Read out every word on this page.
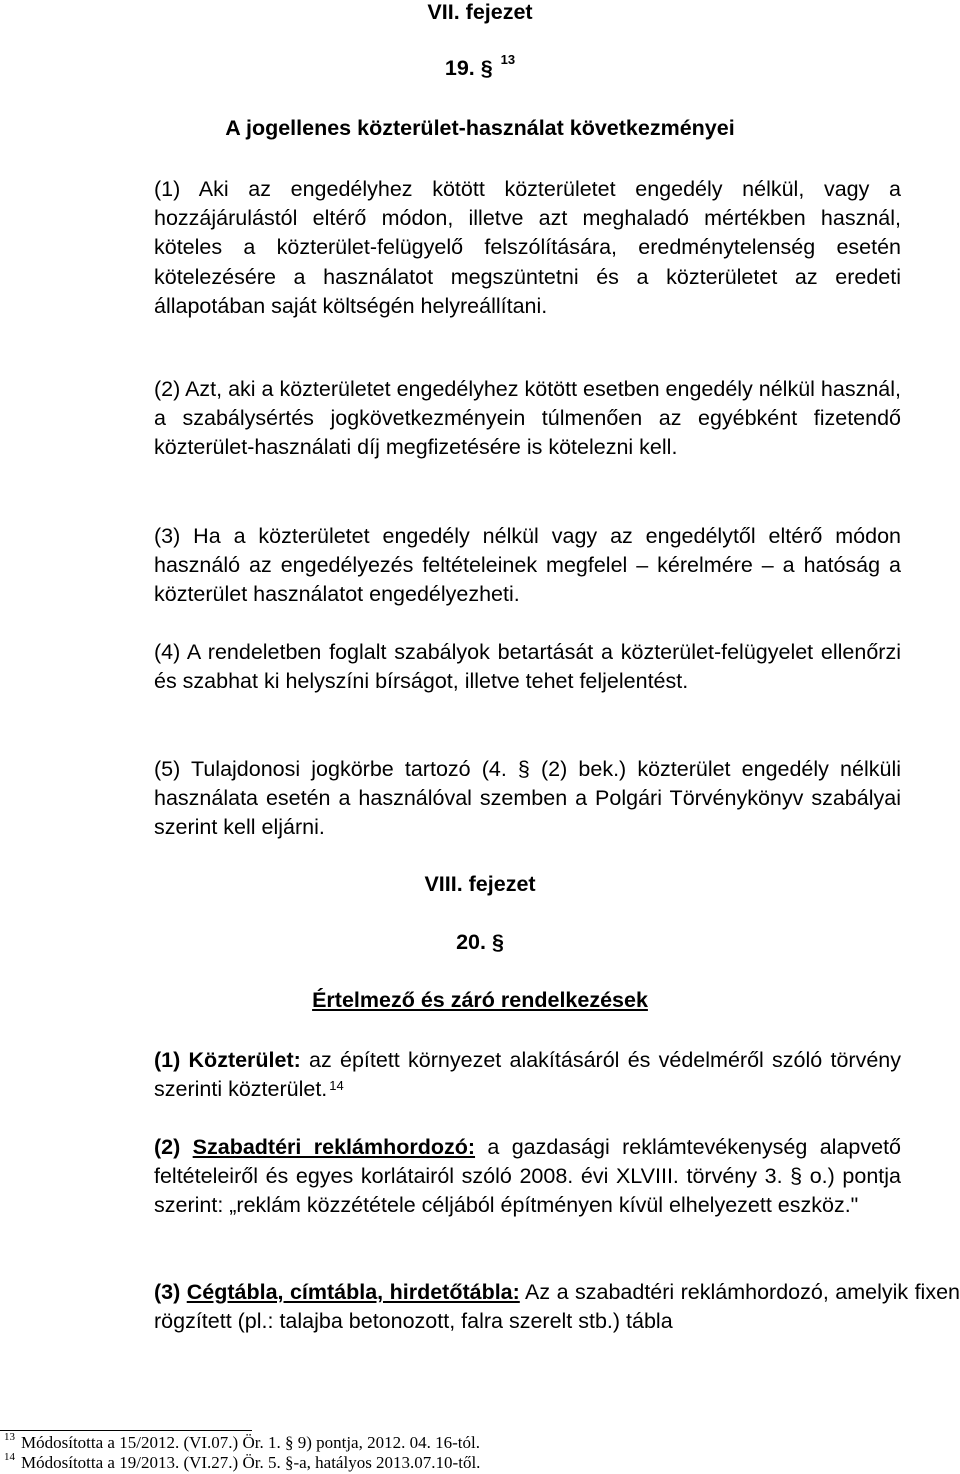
VII. fejezet
19. § $^{13}$
A jogellenes közterület-használat következményei

(1) Aki az engedélyhez kötött közterületet engedély nélkül, vagy a hozzájárulástól eltérő módon, illetve azt meghaladó mértékben használ, köteles a közterület-felügyelő felszólítására, eredménytelenség esetén kötelezésére a használatot megszüntetni és a közterületet az eredeti állapotában saját költségén helyreállítani.

(2) Azt, aki a közterületet engedélyhez kötött esetben engedély nélkül használ, a szabálysértés jogkövetkezményein túlmenően az egyébként fizetendő közterület-használati díj megfizetésére is kötelezni kell.

(3) Ha a közterületet engedély nélkül vagy az engedélytől eltérő módon használó az engedélyezés feltételeinek megfelel – kérelmére – a hatóság a közterület használatot engedélyezheti.

(4) A rendeletben foglalt szabályok betartását a közterület-felügyelet ellenőrzi és szabhat ki helyszíni bírságot, illetve tehet feljelentést.

(5) Tulajdonosi jogkörbe tartozó (4. § (2) bek.) közterület engedély nélküli használata esetén a használóval szemben a Polgári Törvénykönyv szabályai szerint kell eljárni.

VIII. fejezet
20. §
Értelmező és záró rendelkezések

(1) Közterület: az épített környezet alakításáról és védelméről szóló törvény szerinti közterület. $^{14}$

(2) Szabadtéri reklámhordozó: a gazdasági reklámtevékenység alapvető feltételeiről és egyes korlátairól szóló 2008. évi XLVIII. törvény 3. § o.) pontja szerint: „reklám közzététele céljából építményen kívül elhelyezett eszköz."

(3) Cégtábla, címtábla, hirdetőtábla: Az a szabadtéri reklámhordozó, amelyik fixen rögzített (pl.: talajba betonozott, falra szerelt stb.) tábla

$^{13}$ Módosította a 15/2012. (VI.07.) Ör. 1. § 9) pontja, 2012. 04. 16-tól.
$^{14}$ Módosította a 19/2013. (VI.27.) Ör. 5. §-a, hatályos 2013.07.10-től.
